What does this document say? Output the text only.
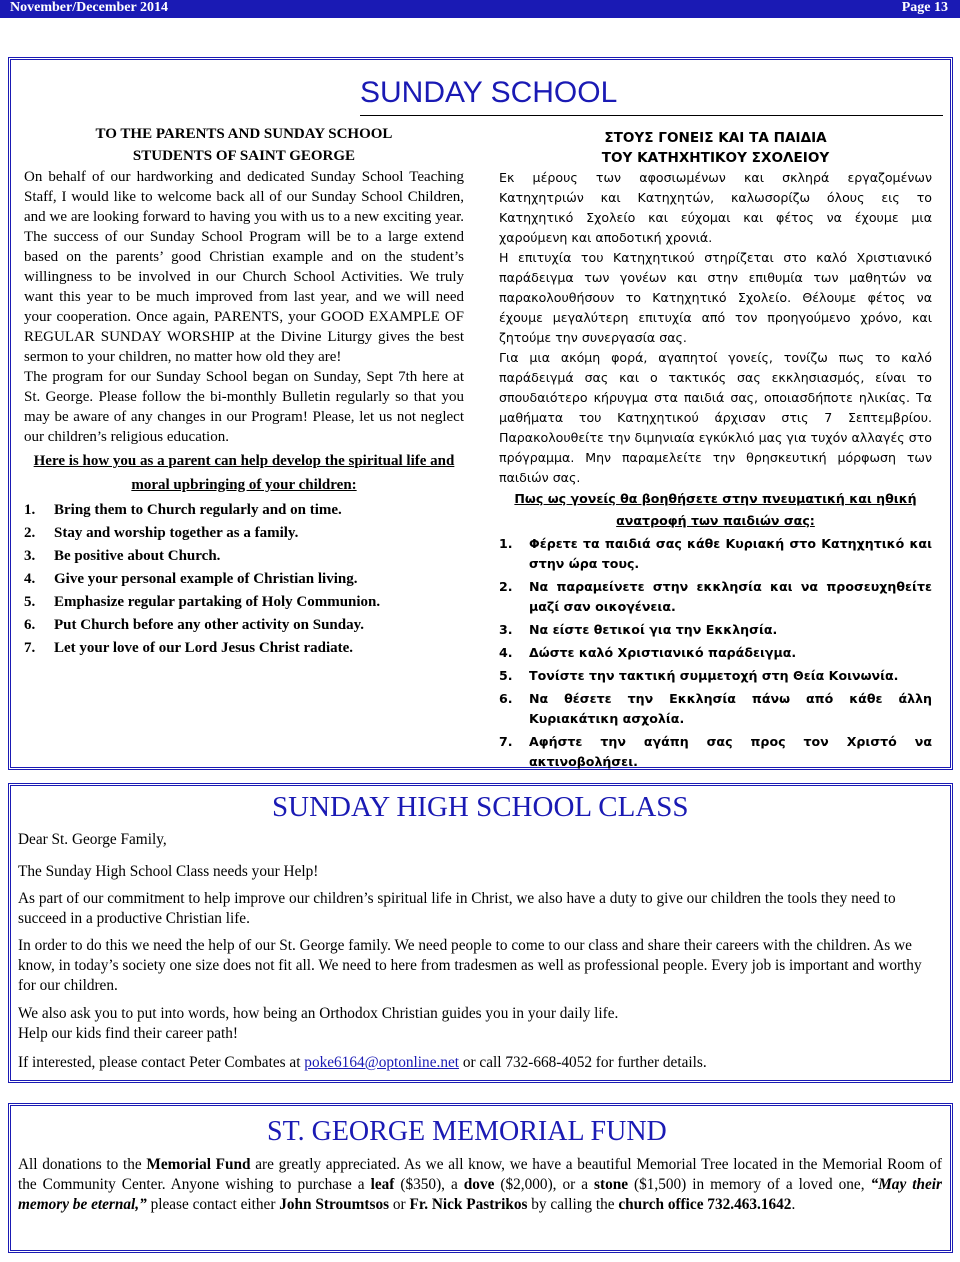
November/December 2014	Page 13
SUNDAY SCHOOL
TO THE PARENTS AND SUNDAY SCHOOL
STUDENTS OF SAINT GEORGE

On behalf of our hardworking and dedicated Sunday School Teaching Staff, I would like to welcome back all of our Sunday School Children, and we are looking forward to having you with us to a new exciting year. The success of our Sunday School Program will be to a large extend based on the parents’ good Christian example and on the student’s willingness to be involved in our Church School Activities. We truly want this year to be much improved from last year, and we will need your cooperation. Once again, PARENTS, your GOOD EXAMPLE OF REGULAR SUNDAY WORSHIP at the Divine Liturgy gives the best sermon to your children, no matter how old they are!

The program for our Sunday School began on Sunday, Sept 7th here at St. George. Please follow the bi-monthly Bulletin regularly so that you may be aware of any changes in our Program! Please, let us not neglect our children’s religious education.

Here is how you as a parent can help develop the spiritual life and moral upbringing of your children:
1.	Bring them to Church regularly and on time.
2.	Stay and worship together as a family.
3.	Be positive about Church.
4.	Give your personal example of Christian living.
5.	Emphasize regular partaking of Holy Communion.
6.	Put Church before any other activity on Sunday.
7.	Let your love of our Lord Jesus Christ radiate.
ΣΤΟΥΣ ΓΟΝΕΙΣ ΚΑΙ ΤΑ ΠΑΙΔΙΑ
ΤΟΥ ΚΑΤΗΧΗΤΙΚΟΥ ΣΧΟΛΕΙΟΥ

Εκ μέρους των αφοσιωμένων και σκληρά εργαζομένων Κατηχητριών και Κατηχητών, καλωσορίζω όλους εις το Κατηχητικό Σχολείο και εύχομαι και φέτος να έχουμε μια χαρούμενη και αποδοτική χρονιά.

Η επιτυχία του Κατηχητικού στηρίζεται στο καλό Χριστιανικό παράδειγμα των γονέων και στην επιθυμία των μαθητών να παρακολουθήσουν το Κατηχητικό Σχολείο. Θέλουμε φέτος να έχουμε μεγαλύτερη επιτυχία από τον προηγούμενο χρόνο, και ζητούμε την συνεργασία σας.

Για μια ακόμη φορά, αγαπητοί γονείς, τονίζω πως το καλό παράδειγμά σας και ο τακτικός σας εκκλησιασμός, είναι το σπουδαιότερο κήρυγμα στα παιδιά σας, οποιασδήποτε ηλικίας. Τα μαθήματα του Κατηχητικού άρχισαν στις 7 Σεπτεμβρίου. Παρακολουθείτε την διμηνιαία εγκύκλιό μας για τυχόν αλλαγές στο πρόγραμμα. Μην παραμελείτε την θρησκευτική μόρφωση των παιδιών σας.

Πως ως γονείς θα βοηθήσετε στην πνευματική και ηθική ανατροφή των παιδιών σας:
1.	Φέρετε τα παιδιά σας κάθε Κυριακή στο Κατηχητικό και στην ώρα τους.
2.	Να παραμείνετε στην εκκλησία και να προσευχηθείτε μαζί σαν οικογένεια.
3.	Να είστε θετικοί για την Εκκλησία.
4.	Δώστε καλό Χριστιανικό παράδειγμα.
5.	Τονίστε την τακτική συμμετοχή στη Θεία Κοινωνία.
6.	Να θέσετε την Εκκλησία πάνω από κάθε άλλη Κυριακάτικη ασχολία.
7.	Αφήστε την αγάπη σας προς τον Χριστό να ακτινοβολήσει.
SUNDAY HIGH SCHOOL CLASS
Dear St. George Family,
The Sunday High School Class needs your Help!
As part of our commitment to help improve our children’s spiritual life in Christ, we also have a duty to give our children the tools they need to succeed in a productive Christian life.
In order to do this we need the help of our St. George family. We need people to come to our class and share their careers with the children. As we know, in today’s society one size does not fit all. We need to here from tradesmen as well as professional people. Every job is important and worthy for our children.

We also ask you to put into words, how being an Orthodox Christian guides you in your daily life.

Help our kids find their career path!

If interested, please contact Peter Combates at poke6164@optonline.net or call 732-668-4052 for further details.
ST. GEORGE MEMORIAL FUND
All donations to the Memorial Fund are greatly appreciated. As we all know, we have a beautiful Memorial Tree located in the Memorial Room of the Community Center. Anyone wishing to purchase a leaf ($350), a dove ($2,000), or a stone ($1,500) in memory of a loved one, “May their memory be eternal,” please contact either John Stroumtsos or Fr. Nick Pastrikos by calling the church office 732.463.1642.
